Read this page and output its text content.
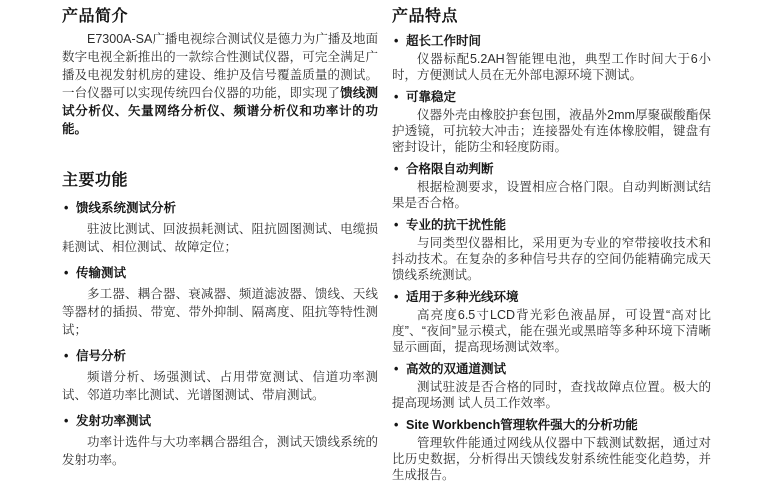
产品简介

E7300A-SA广播电视综合测试仪是德力为广播及地面数字电视全新推出的一款综合性测试仪器，可完全满足广播及电视发射机房的建设、维护及信号覆盖质量的测试。一台仪器可以实现传统四台仪器的功能，即实现了馈线测试分析仪、矢量网络分析仪、频谱分析仪和功率计的功能。

主要功能
• 馈线系统测试分析

驻波比测试、回波损耗测试、阻抗圆图测试、电缆损耗测试、相位测试、故障定位；

• 传输测试

多工器、耦合器、衰减器、频道滤波器、馈线、天线等器材的插损、带宽、带外抑制、隔离度、阻抗等特性测试；

• 信号分析

频谱分析、场强测试、占用带宽测试、信道功率测试、邻道功率比测试、光谱图测试、带肩测试。

• 发射功率测试

功率计选件与大功率耦合器组合，测试天馈线系统的发射功率。

产品特点
• 超长工作时间

仪器标配5.2AH智能锂电池，典型工作时间大于6小时，方便测试人员在无外部电源环境下测试。

• 可靠稳定

仪器外壳由橡胶护套包围，液晶外2mm厚聚碳酸酯保护透镜，可抗较大冲击；连接器处有连体橡胶帽，键盘有密封设计，能防尘和轻度防雨。

• 合格限自动判断

根据检测要求，设置相应合格门限。自动判断测试结果是否合格。

• 专业的抗干扰性能

与同类型仪器相比，采用更为专业的窄带接收技术和抖动技术。在复杂的多种信号共存的空间仍能精确完成天馈线系统测试。

• 适用于多种光线环境

高亮度6.5寸LCD背光彩色液晶屏，可设置“高对比度”、“夜间”显示模式，能在强光或黑暗等多种环境下清晰显示画面，提高现场测试效率。

• 高效的双通道测试

测试驻波是否合格的同时，查找故障点位置。极大的提高现场测 试人员工作效率。

• Site Workbench管理软件强大的分析功能

管理软件能通过网线从仪器中下载测试数据，通过对比历史数据，分析得出天馈线发射系统性能变化趋势，并生成报告。
